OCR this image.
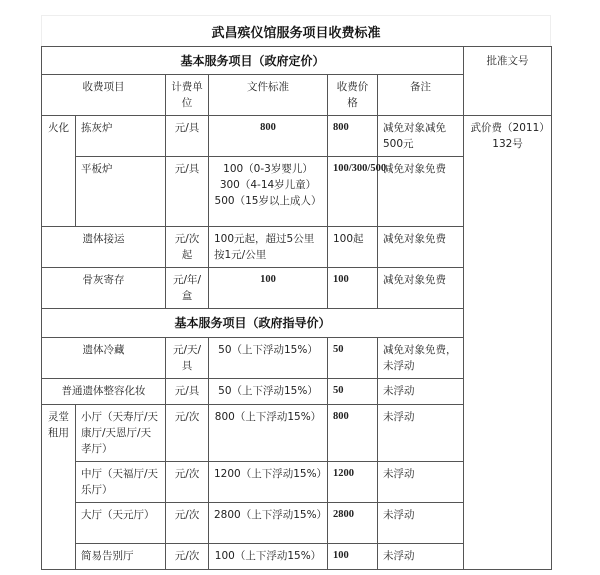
武昌殡仪馆服务项目收费标准
基本服务项目（政府定价）						批准文号
收费项目		计费单位	文件标准	收费价格	备注	
火化	拣灰炉	元/具	800	800	减免对象减免500元	武价费（2011）132号
	平板炉	元/具	100（0-3岁婴儿）300（4-14岁儿童）500（15岁以上成人）	100/300/500	减免对象免费	
遗体接运		元/次起	100元起，超过5公里按1元/公里	100起	减免对象免费	
骨灰寄存		元/年/盒	100	100	减免对象免费	
基本服务项目（政府指导价）						
遗体冷藏		元/天/具	50（上下浮动15%）	50	减免对象免费，未浮动	
普通遗体整容化妆		元/具	50（上下浮动15%）	50	未浮动	
灵堂租用	小厅（天寿厅/天康厅/天恩厅/天孝厅）	元/次	800（上下浮动15%）	800	未浮动	
	中厅（天福厅/天乐厅）	元/次	1200（上下浮动15%）	1200	未浮动	
	大厅（天元厅）	元/次	2800（上下浮动15%）	2800	未浮动	
	简易告别厅	元/次	100（上下浮动15%）	100	未浮动	
